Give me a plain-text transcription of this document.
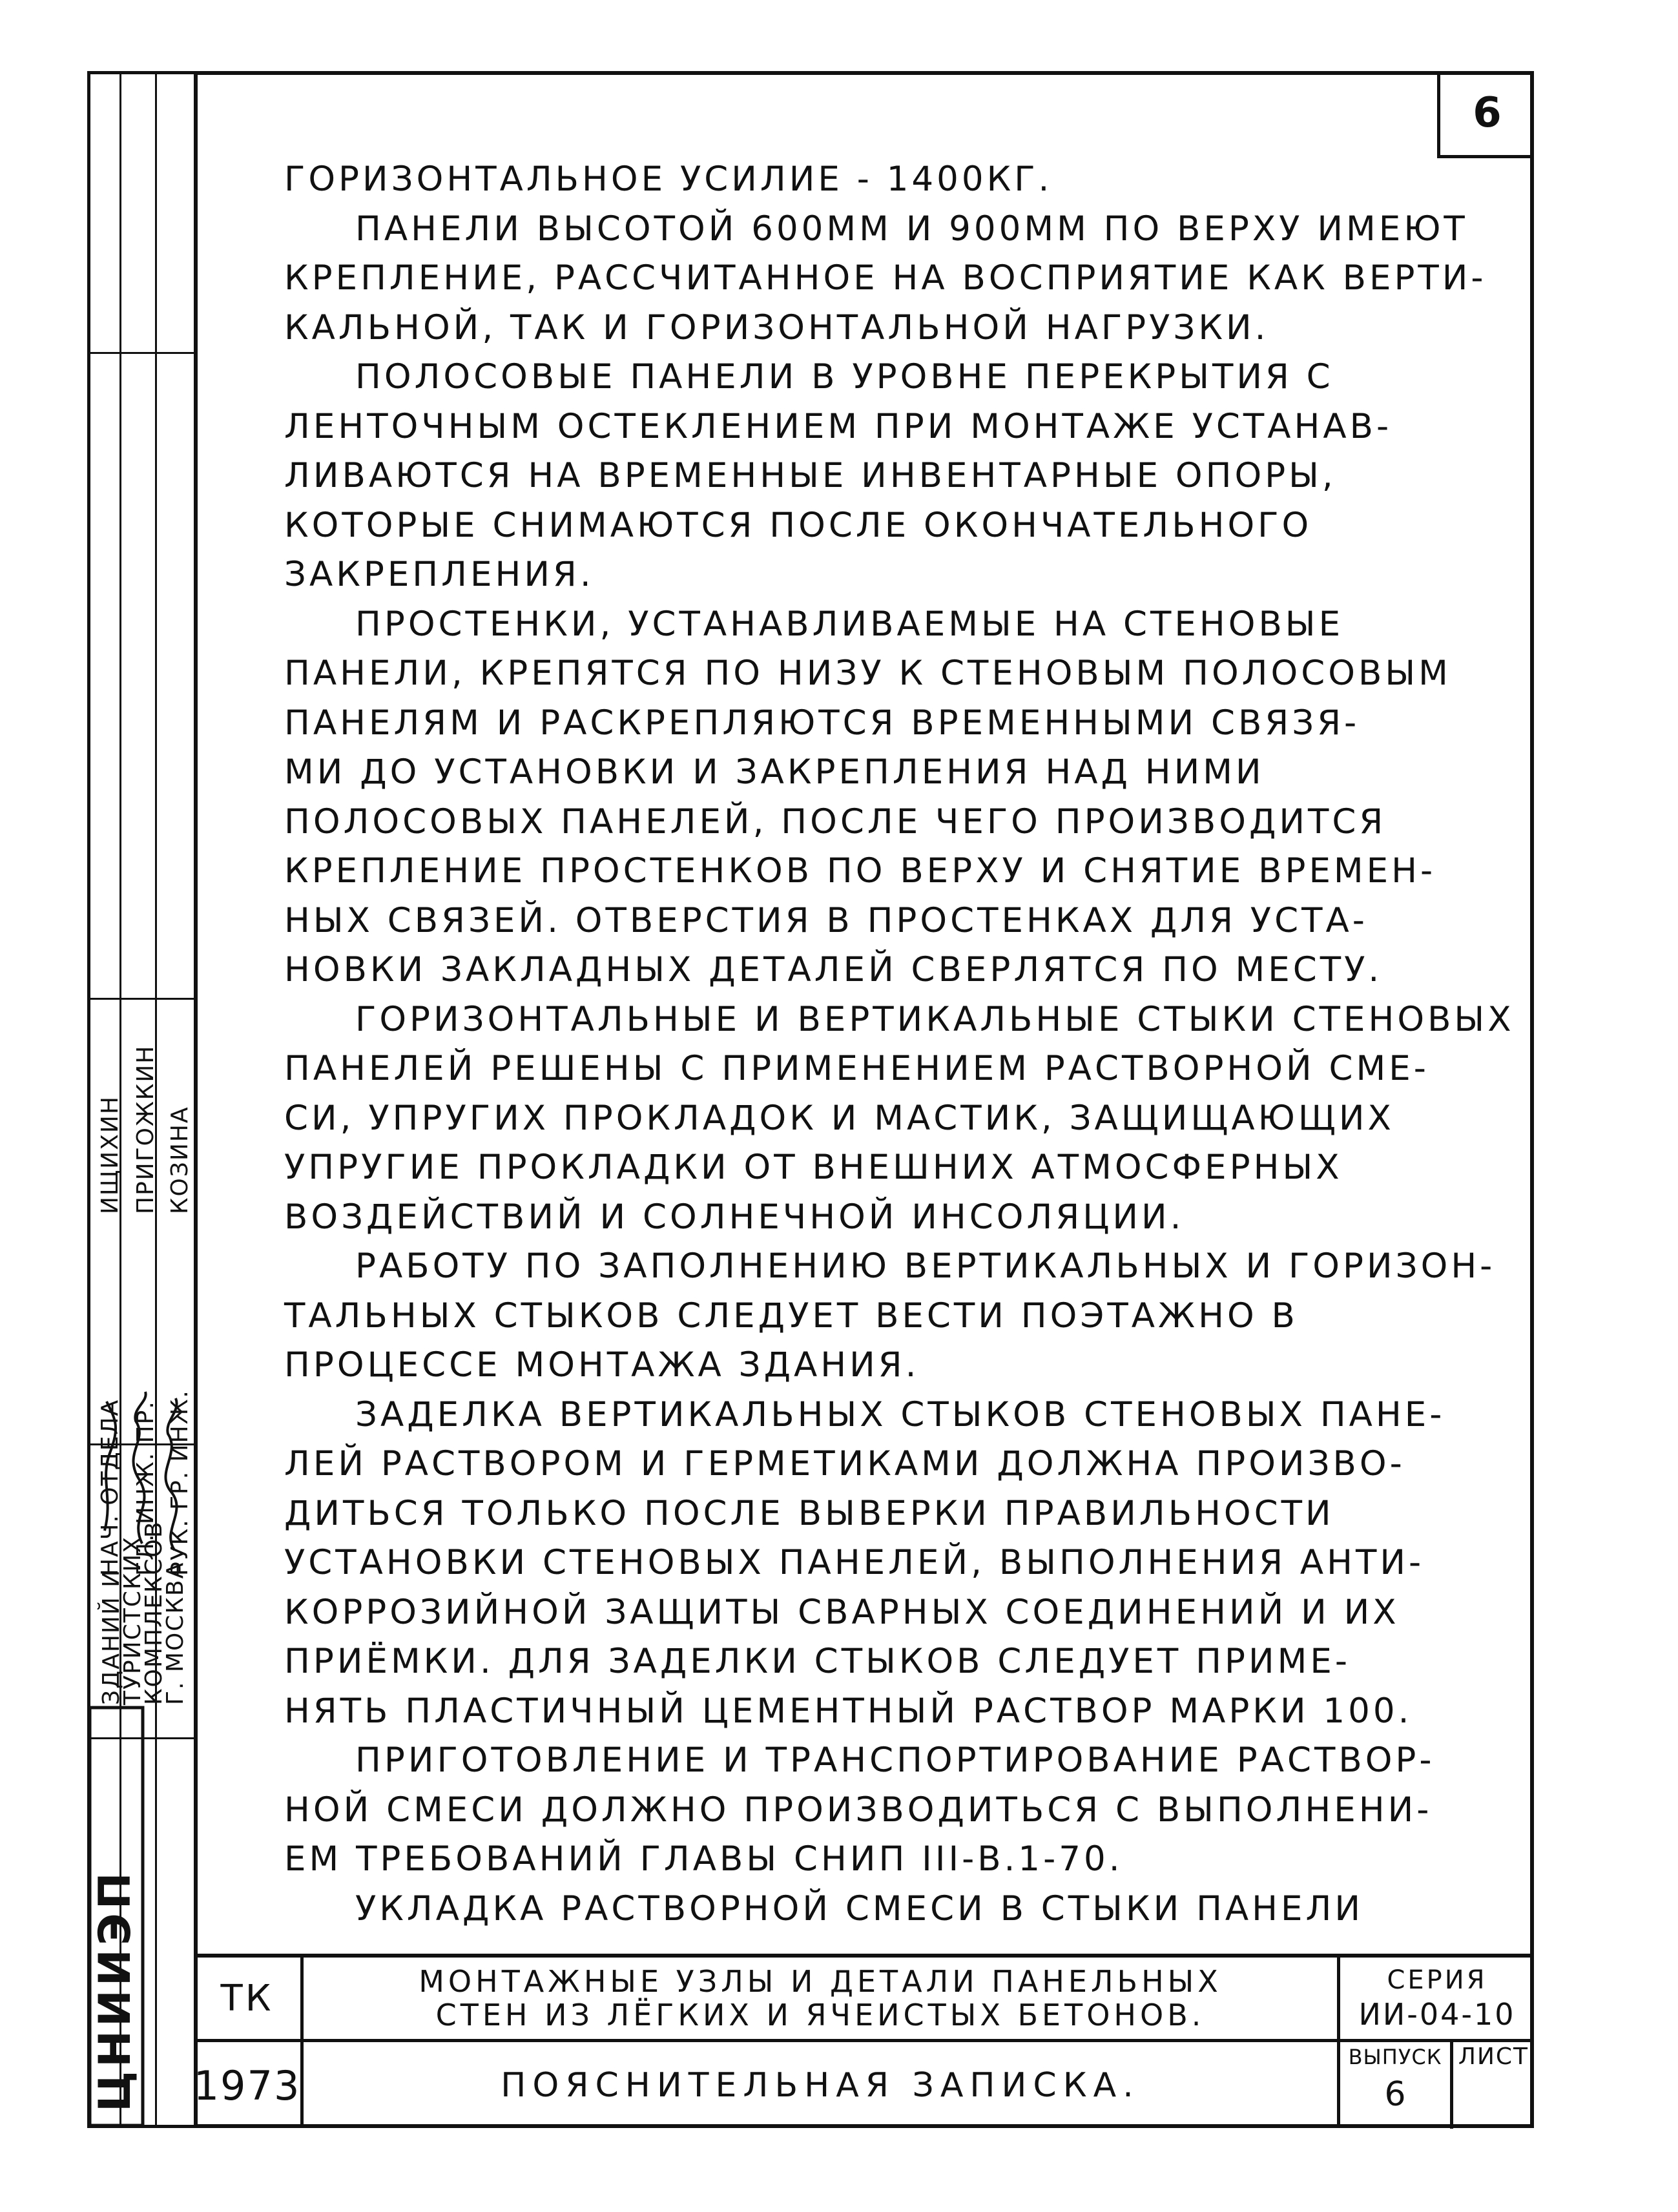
ЗДАНИЙ И
ТУРИСТСКИХ
КОМПЛЕКСОВ
Г. МОСКВА
НАЧ. ОТДЕЛА
ИЩИХИН
ГЛ. ИНЖ. ПР.
ПРИГОЖКИН
РУК. ГР. ИНЖ.
КОЗИНА
ЦНИИЭП
6
ГОРИЗОНТАЛЬНОЕ УСИЛИЕ - 1400КГ.
ПАНЕЛИ ВЫСОТОЙ 600ММ И 900ММ ПО ВЕРХУ ИМЕЮТ
КРЕПЛЕНИЕ, РАССЧИТАННОЕ НА ВОСПРИЯТИЕ КАК ВЕРТИ-
КАЛЬНОЙ, ТАК И ГОРИЗОНТАЛЬНОЙ НАГРУЗКИ.
ПОЛОСОВЫЕ ПАНЕЛИ В УРОВНЕ ПЕРЕКРЫТИЯ С
ЛЕНТОЧНЫМ ОСТЕКЛЕНИЕМ ПРИ МОНТАЖЕ УСТАНАВ-
ЛИВАЮТСЯ НА ВРЕМЕННЫЕ ИНВЕНТАРНЫЕ ОПОРЫ,
КОТОРЫЕ СНИМАЮТСЯ ПОСЛЕ ОКОНЧАТЕЛЬНОГО
ЗАКРЕПЛЕНИЯ.
ПРОСТЕНКИ, УСТАНАВЛИВАЕМЫЕ НА СТЕНОВЫЕ
ПАНЕЛИ, КРЕПЯТСЯ ПО НИЗУ К СТЕНОВЫМ ПОЛОСОВЫМ
ПАНЕЛЯМ И РАСКРЕПЛЯЮТСЯ ВРЕМЕННЫМИ СВЯЗЯ-
МИ ДО УСТАНОВКИ И ЗАКРЕПЛЕНИЯ НАД НИМИ
ПОЛОСОВЫХ ПАНЕЛЕЙ, ПОСЛЕ ЧЕГО ПРОИЗВОДИТСЯ
КРЕПЛЕНИЕ ПРОСТЕНКОВ ПО ВЕРХУ И СНЯТИЕ ВРЕМЕН-
НЫХ СВЯЗЕЙ. ОТВЕРСТИЯ В ПРОСТЕНКАХ ДЛЯ УСТА-
НОВКИ ЗАКЛАДНЫХ ДЕТАЛЕЙ СВЕРЛЯТСЯ ПО МЕСТУ.
ГОРИЗОНТАЛЬНЫЕ И ВЕРТИКАЛЬНЫЕ СТЫКИ СТЕНОВЫХ
ПАНЕЛЕЙ РЕШЕНЫ С ПРИМЕНЕНИЕМ РАСТВОРНОЙ СМЕ-
СИ, УПРУГИХ ПРОКЛАДОК И МАСТИК, ЗАЩИЩАЮЩИХ
УПРУГИЕ ПРОКЛАДКИ ОТ ВНЕШНИХ АТМОСФЕРНЫХ
ВОЗДЕЙСТВИЙ И СОЛНЕЧНОЙ ИНСОЛЯЦИИ.
РАБОТУ ПО ЗАПОЛНЕНИЮ ВЕРТИКАЛЬНЫХ И ГОРИЗОН-
ТАЛЬНЫХ СТЫКОВ СЛЕДУЕТ ВЕСТИ ПОЭТАЖНО В
ПРОЦЕССЕ МОНТАЖА ЗДАНИЯ.
ЗАДЕЛКА ВЕРТИКАЛЬНЫХ СТЫКОВ СТЕНОВЫХ ПАНЕ-
ЛЕЙ РАСТВОРОМ И ГЕРМЕТИКАМИ ДОЛЖНА ПРОИЗВО-
ДИТЬСЯ ТОЛЬКО ПОСЛЕ ВЫВЕРКИ ПРАВИЛЬНОСТИ
УСТАНОВКИ СТЕНОВЫХ ПАНЕЛЕЙ, ВЫПОЛНЕНИЯ АНТИ-
КОРРОЗИЙНОЙ ЗАЩИТЫ СВАРНЫХ СОЕДИНЕНИЙ И ИХ
ПРИЁМКИ. ДЛЯ ЗАДЕЛКИ СТЫКОВ СЛЕДУЕТ ПРИМЕ-
НЯТЬ ПЛАСТИЧНЫЙ ЦЕМЕНТНЫЙ РАСТВОР МАРКИ 100.
ПРИГОТОВЛЕНИЕ И ТРАНСПОРТИРОВАНИЕ РАСТВОР-
НОЙ СМЕСИ ДОЛЖНО ПРОИЗВОДИТЬСЯ С ВЫПОЛНЕНИ-
ЕМ ТРЕБОВАНИЙ ГЛАВЫ СНИП III-В.1-70.
УКЛАДКА РАСТВОРНОЙ СМЕСИ В СТЫКИ ПАНЕЛИ
ТК
1973
МОНТАЖНЫЕ УЗЛЫ И ДЕТАЛИ ПАНЕЛЬНЫХ
СТЕН ИЗ ЛЁГКИХ И ЯЧЕИСТЫХ БЕТОНОВ.
ПОЯСНИТЕЛЬНАЯ ЗАПИСКА.
СЕРИЯ
ИИ-04-10
ВЫПУСК
6
ЛИСТ
